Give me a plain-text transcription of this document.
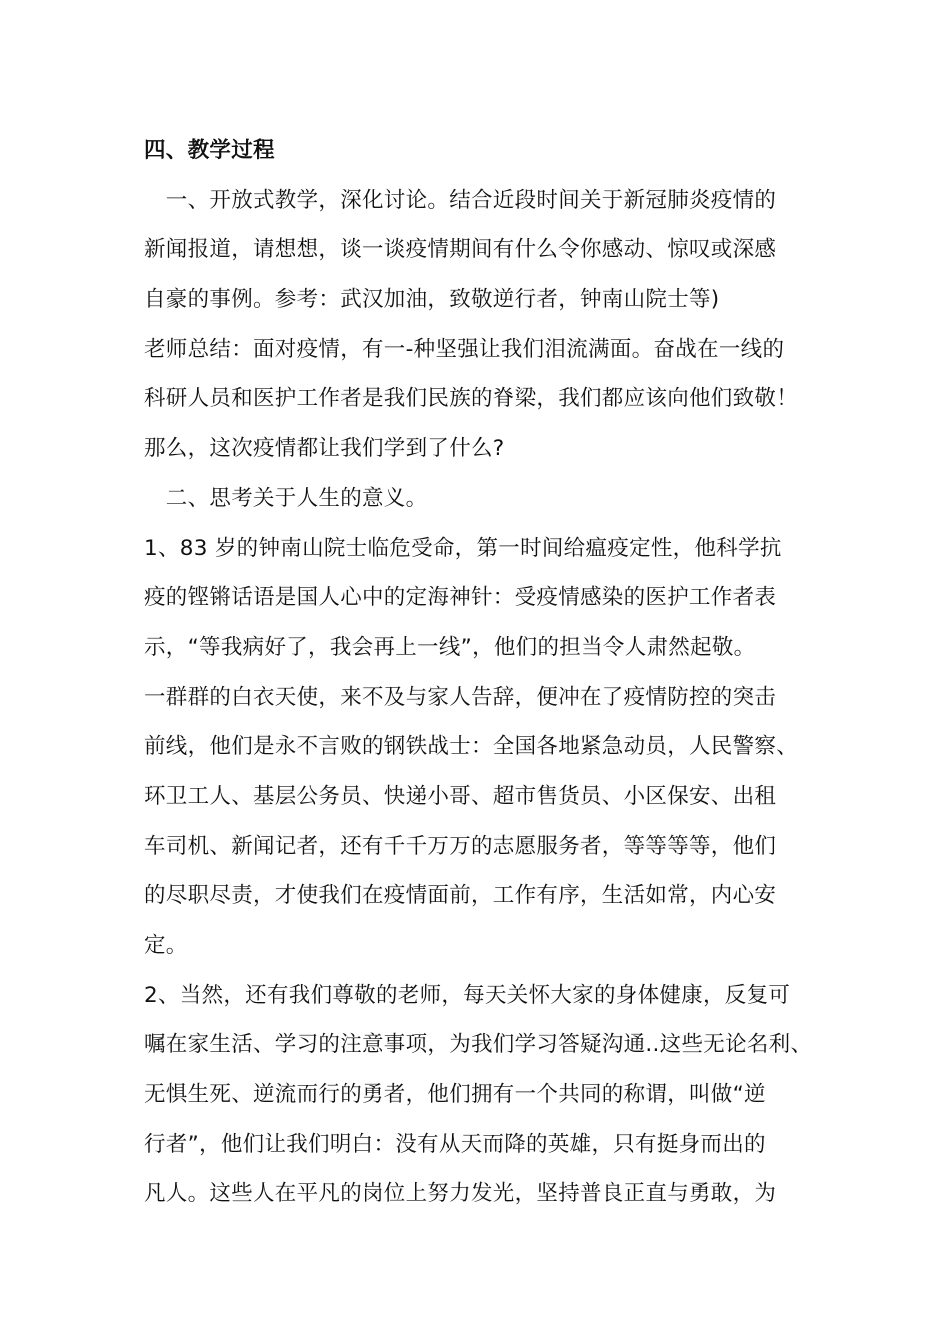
四、教学过程
　一、开放式教学，深化讨论。结合近段时间关于新冠肺炎疫情的
新闻报道，请想想，谈一谈疫情期间有什么令你感动、惊叹或深感
自豪的事例。参考：武汉加油，致敬逆行者，钟南山院士等)
老师总结：面对疫情，有一-种坚强让我们泪流满面。奋战在一线的
科研人员和医护工作者是我们民族的脊梁，我们都应该向他们致敬！
那么，这次疫情都让我们学到了什么?
　二、思考关于人生的意义。
1、83 岁的钟南山院士临危受命，第一时间给瘟疫定性，他科学抗
疫的铿锵话语是国人心中的定海神针：受疫情感染的医护工作者表
示，“等我病好了，我会再上一线”，他们的担当令人肃然起敬。
一群群的白衣天使，来不及与家人告辞，便冲在了疫情防控的突击
前线，他们是永不言败的钢铁战士：全国各地紧急动员，人民警察、
环卫工人、基层公务员、快递小哥、超市售货员、小区保安、出租
车司机、新闻记者，还有千千万万的志愿服务者，等等等等，他们
的尽职尽责，才使我们在疫情面前，工作有序，生活如常，内心安
定。
2、当然，还有我们尊敬的老师，每天关怀大家的身体健康，反复可
嘱在家生活、学习的注意事项，为我们学习答疑沟通..这些无论名利、
无惧生死、逆流而行的勇者，他们拥有一个共同的称谓，叫做“逆
行者”，他们让我们明白：没有从天而降的英雄，只有挺身而出的
凡人。这些人在平凡的岗位上努力发光，坚持普良正直与勇敢，为
